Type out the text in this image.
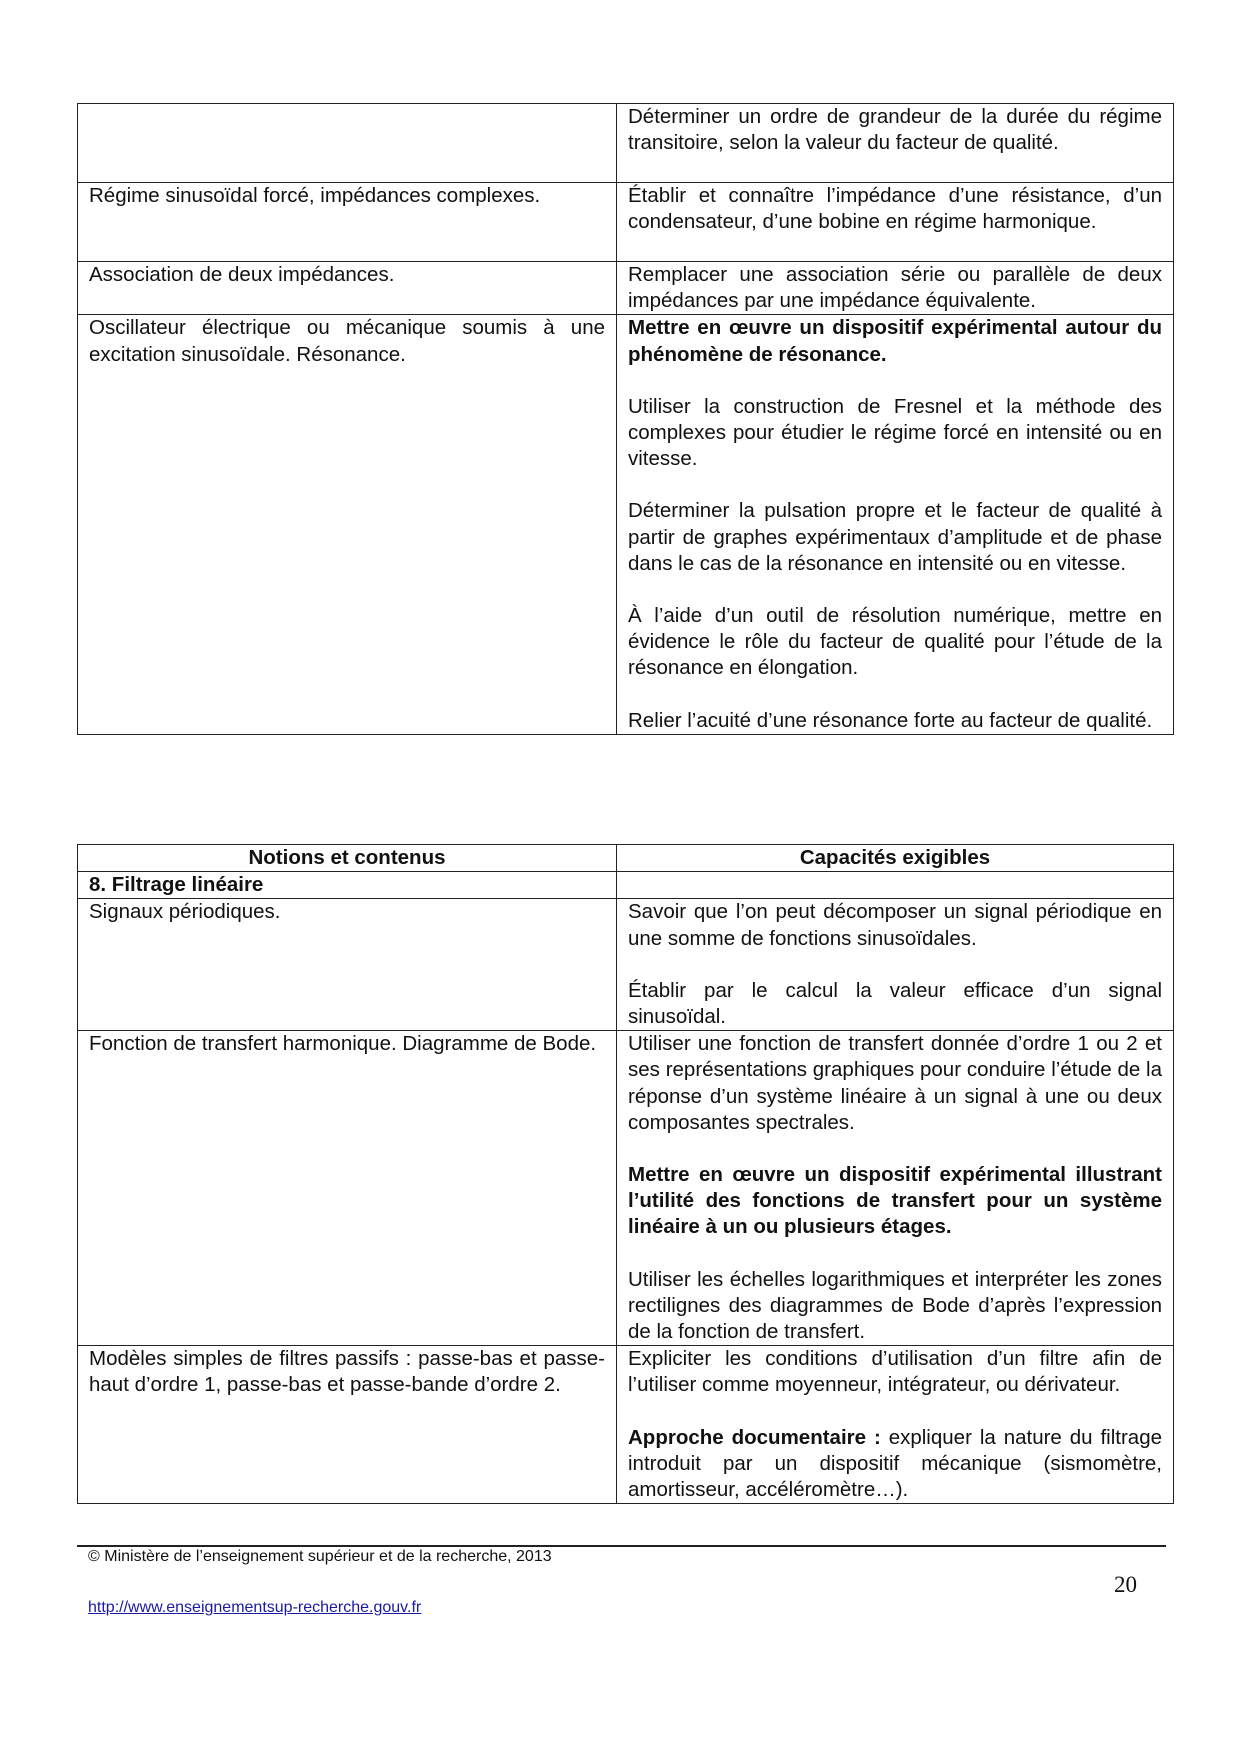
	Déterminer un ordre de grandeur de la durée du régime transitoire, selon la valeur du facteur de qualité.

Régime sinusoïdal forcé, impédances complexes.	Établir et connaître l’impédance d’une résistance, d’un condensateur, d’une bobine en régime harmonique.

Association de deux impédances.	Remplacer une association série ou parallèle de deux impédances par une impédance équivalente.

Oscillateur électrique ou mécanique soumis à une excitation sinusoïdale. Résonance.	Mettre en œuvre un dispositif expérimental autour du phénomène de résonance.

Utiliser la construction de Fresnel et la méthode des complexes pour étudier le régime forcé en intensité ou en vitesse.

Déterminer la pulsation propre et le facteur de qualité à partir de graphes expérimentaux d’amplitude et de phase dans le cas de la résonance en intensité ou en vitesse.

À l’aide d’un outil de résolution numérique, mettre en évidence le rôle du facteur de qualité pour l’étude de la résonance en élongation.

Relier l’acuité d’une résonance forte au facteur de qualité.

Notions et contenus	Capacités exigibles
8. Filtrage linéaire	
Signaux périodiques.	Savoir que l’on peut décomposer un signal périodique en une somme de fonctions sinusoïdales.

Établir par le calcul la valeur efficace d’un signal sinusoïdal.

Fonction de transfert harmonique. Diagramme de Bode.	Utiliser une fonction de transfert donnée d’ordre 1 ou 2 et ses représentations graphiques pour conduire l’étude de la réponse d’un système linéaire à un signal à une ou deux composantes spectrales.

Mettre en œuvre un dispositif expérimental illustrant l’utilité des fonctions de transfert pour un système linéaire à un ou plusieurs étages.

Utiliser les échelles logarithmiques et interpréter les zones rectilignes des diagrammes de Bode d’après l’expression de la fonction de transfert.

Modèles simples de filtres passifs : passe-bas et passe-haut d’ordre 1, passe-bas et passe-bande d’ordre 2.	Expliciter les conditions d’utilisation d’un filtre afin de l’utiliser comme moyenneur, intégrateur, ou dérivateur.

Approche documentaire : expliquer la nature du filtrage introduit par un dispositif mécanique (sismomètre, amortisseur, accéléromètre…).

© Ministère de l’enseignement supérieur et de la recherche, 2013
20
http://www.enseignementsup-recherche.gouv.fr
